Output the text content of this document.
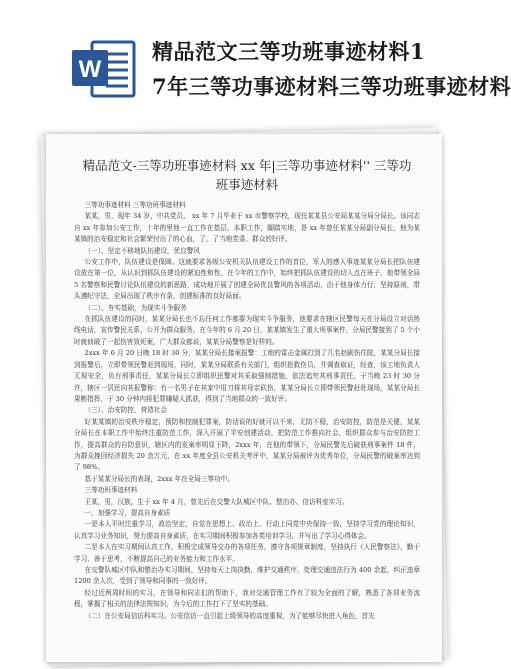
W
精品范文三等功班事迹材料1
7年三等功事迹材料三等功班事迹材料
精品范文-三等功班事迹材料 xx 年|三等功事迹材料'' 三等功班事迹材料

三等功事迹材料 三等功班事迹材料

某某，男，现年 34 岁，中共党员， xx 年 7 月毕业于 xx 市警察学校，现任某某县公安局某某分局分局长。该同志自 xx 年参加公安工作，十年的里他一直工作在基层，本职工作，脚踏实地，是 xx 年曾任某某分局副分局长，他为某某镇的治安稳定和社会繁荣付出了的心血，了，了当地党委、群众的好评。

（一）、坚定不移地队伍建设，优良警风

公安工作中，队伍建设是保障。这就要求各级公安机关队伍建设工作的首位，军人的感人事迹某某分局长把队伍建设放在第一位，从认识到抓队伍建设的紧迫性和性，在今年的工作中，始终把抓队伍建设的切入点在班子，他带领全局 5 名警察和民警讨论队伍建设的新思路，成功地开展了创建全局优良警风的各项活动，由于他身体力行，坚持原则，带头遵纪守法，全局出现了秩序有条，创建标准的良好局面。

（二）、夯实基础，为现实斗争服务

在抓队伍建设的同时，某某分局长也不忘任何工作都要为现实斗争服务，他要求在辖区民警每天在分局设立对话热线电话，宣传警民关系，公开为群众服务，在今年的 6 月 20 日，某某镇发生了重大刑事案件，分局民警接到了 5 个小时就侦破了一起伤害致死案，广大群众都说，某某分局警察是好样的。

2xxx 年 6 月 20 日晚 18 时 30 分，某某分局长接案报警：工地的雷击金属打到了几名赵刷伤住院，某某分局长接到报警后，立即带领民警赶到现场，同时，某某分局联系有关部门，组织抢救伤员，并调查取证，经查，该工地负责人无视安全，负有刑事责任，某某分局长立即组织民警对其采取强制措施，依法追究其刑事责任，于当晚 23 时 30 分许，辖区一居民向其报警称：有一名男子在其家中用刀将其母亲砍伤，某某分局长立即带领民警赶赴现场，某某分局长果断指挥，于 30 分钟内将犯罪嫌疑人抓获，得到了当地群众的一致好评。

（三）、治安防控，营造社会

好某某镇的治安秩序稳定，预防和控制犯罪案，防话说的好就可以不来，无防不稳，治安防控，防范是关键，某某分局长在本职工作中始终注重防范工作，深入开展了平安创建活动，把防范工作推向社会，组织群众参与治安防控工作，提高群众的自防意识，辖区内的发案率明显下降，2xxx 年，在他的带领下，分局民警先后破获刑事案件 18 件，为群众挽回经济损失 20 余万元，在 xx 年度全县公安机关考评中，某某分局被评为优秀单位，分局民警的破案率达到了 98%。

基于某某分局长的表现，2xxx 年在全局三等功中。

三等功班事迹材料

王某，男，汉族，生于 xx 年 4 月，曾先后在交警大队城区中队、整治办、信访科室实习。

一、加强学习，提高自身素质

一是本人平时注重学习，政治坚定，自觉在思想上、政治上、行动上同党中央保持一致，坚持学习党的理论知识，认真学习业务知识，努力提高自身素质，在实习期间积极参加各类培训学习，并写出了学习心得体会。

二是本人在实习期间认真工作，积极完成领导交办的各项任务，遵守各项规章制度，坚持执行《人民警察法》，勤于学习、善于思考，不断提高自己的业务能力和工作水平。

在交警队城区中队和整治办实习期间，坚持每天上岗执勤，维护交通秩序，处理交通违法行为 400 余起，纠正违章 1200 余人次，受到了领导和同事的一致好评。

经过近两周时间的实习，在领导和同志们的帮助下，我对交通管理工作有了较为全面的了解，熟悉了各项业务流程，掌握了相关的法律法规知识，为今后的工作打下了坚实的基础。

（二）在公安局信访科实习。公安信访一直引起上级领导的高度重视，为了能够尽快进入角色，首先
